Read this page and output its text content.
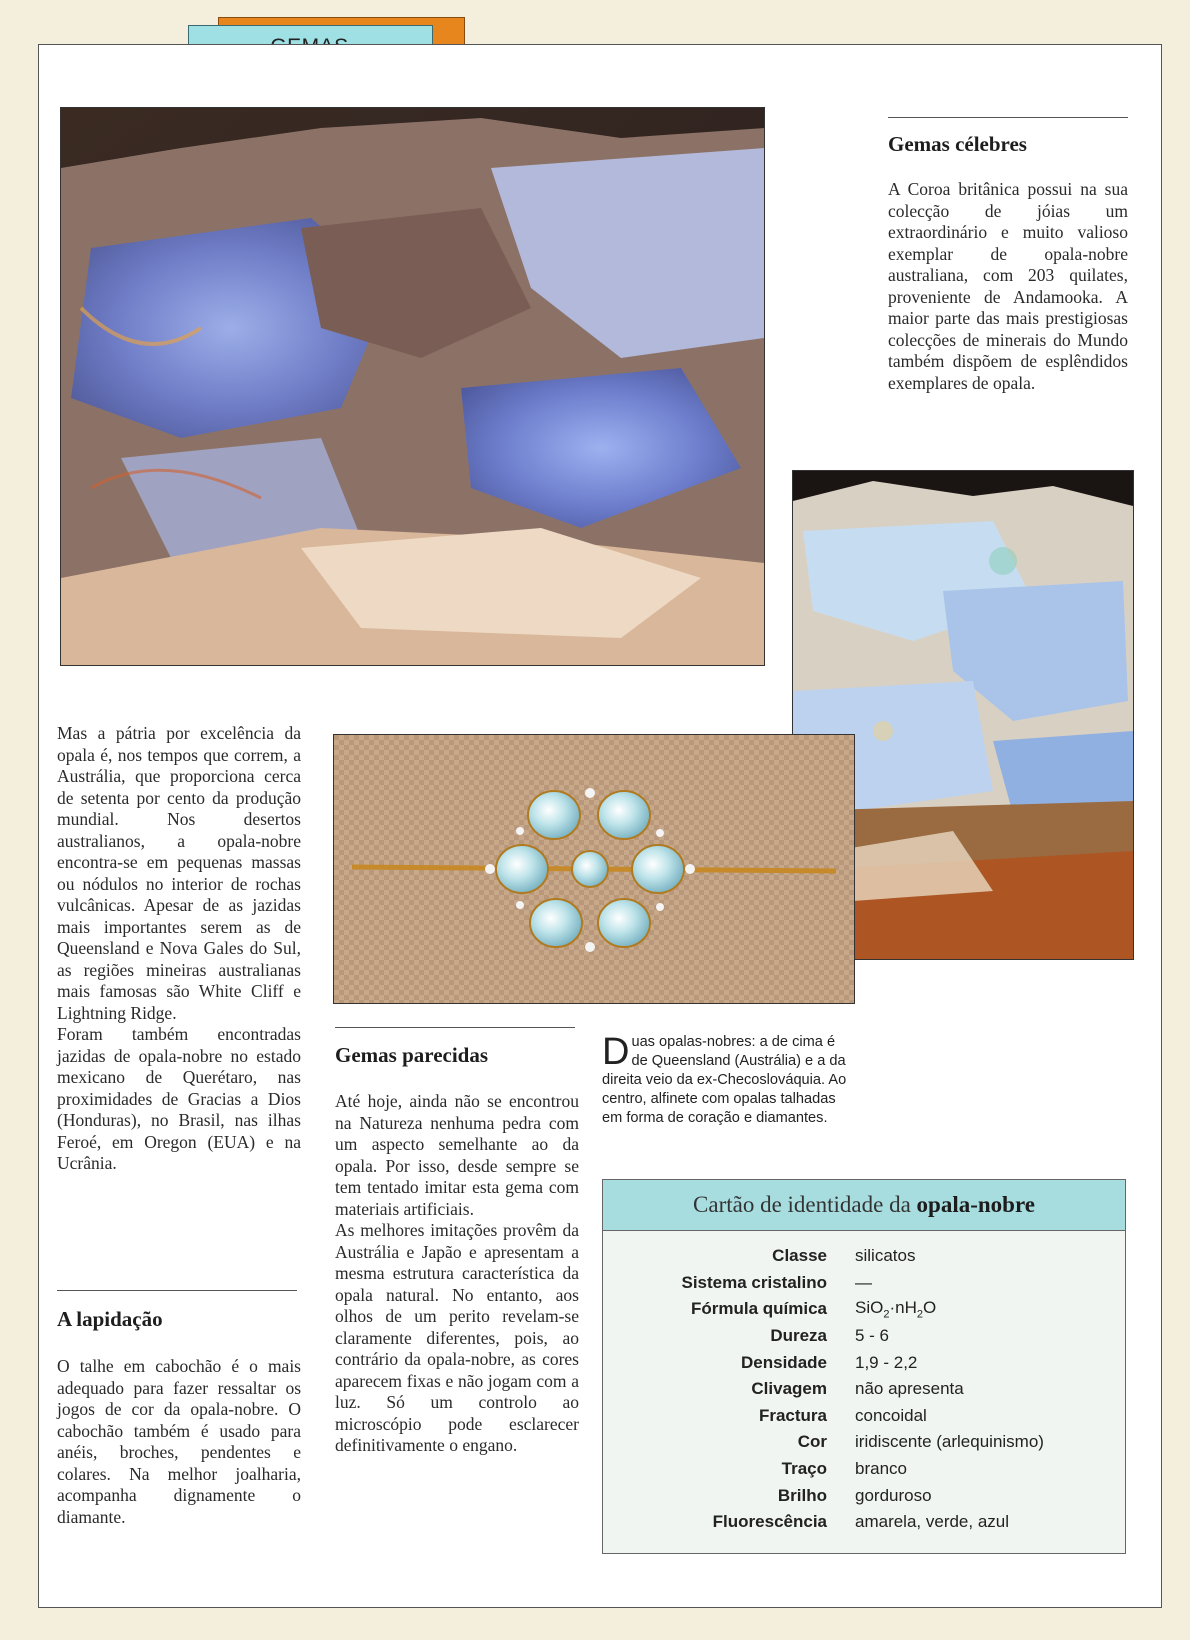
Gemas célebres

A Coroa britânica possui na sua colecção de jóias um extraordinário e muito valioso exemplar de opala-nobre australiana, com 203 quilates, proveniente de Andamooka. A maior parte das mais prestigiosas colecções de minerais do Mundo também dispõem de esplêndidos exemplares de opala.

Mas a pátria por excelência da opala é, nos tempos que correm, a Austrália, que proporciona cerca de setenta por cento da produção mundial. Nos desertos australianos, a opala-nobre encontra-se em pequenas massas ou nódulos no interior de rochas vulcânicas. Apesar de as jazidas mais importantes serem as de Queensland e Nova Gales do Sul, as regiões mineiras australianas mais famosas são White Cliff e Lightning Ridge.

Foram também encontradas jazidas de opala-nobre no estado mexicano de Querétaro, nas proximidades de Gracias a Dios (Honduras), no Brasil, nas ilhas Feroé, em Oregon (EUA) e na Ucrânia.

A lapidação

O talhe em cabochão é o mais adequado para fazer ressaltar os jogos de cor da opala-nobre. O cabochão também é usado para anéis, broches, pendentes e colares. Na melhor joalharia, acompanha dignamente o diamante.

Gemas parecidas

Até hoje, ainda não se encontrou na Natureza nenhuma pedra com um aspecto semelhante ao da opala. Por isso, desde sempre se tem tentado imitar esta gema com materiais artificiais.

As melhores imitações provêm da Austrália e Japão e apresentam a mesma estrutura característica da opala natural. No entanto, aos olhos de um perito revelam-se claramente diferentes, pois, ao contrário da opala-nobre, as cores aparecem fixas e não jogam com a luz. Só um controlo ao microscópio pode esclarecer definitivamente o engano.

Duas opalas-nobres: a de cima é de Queensland (Austrália) e a da direita veio da ex-Checoslováquia. Ao centro, alfinete com opalas talhadas em forma de coração e diamantes.
Cartão de identidade da opala-nobre
Classe	silicatos
Sistema cristalino	—
Fórmula química	$SiO_2\cdot nH_2O$
Dureza	5 - 6
Densidade	1,9 - 2,2
Clivagem	não apresenta
Fractura	concoidal
Cor	iridiscente (arlequinismo)
Traço	branco
Brilho	gorduroso
Fluorescência	amarela, verde, azul
